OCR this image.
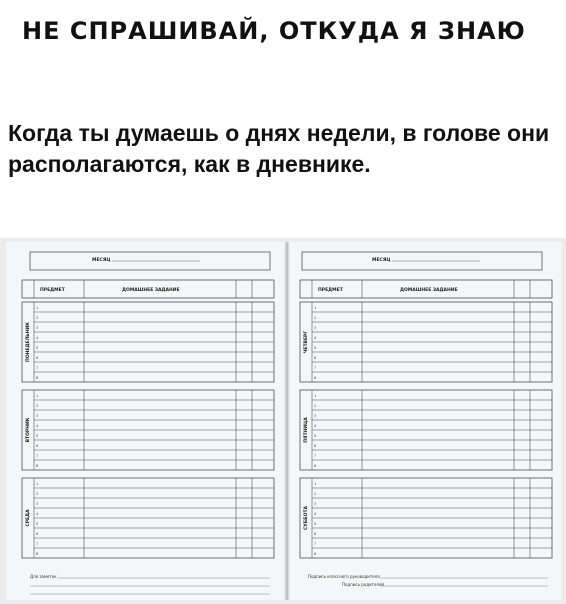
НЕ СПРАШИВАЙ, ОТКУДА Я ЗНАЮ
Когда ты думаешь о днях недели, в голове они располагаются, как в дневнике.
МЕСЯЦ	МЕСЯЦ
ПРЕДМЕТ	ДОМАШНЕЕ ЗАДАНИЕ	ПРЕДМЕТ	ДОМАШНЕЕ ЗАДАНИЕ
1
2
3
4
5
6
7
8
ПОНЕДЕЛЬНИК
1
2
3
4
5
6
7
8
ВТОРНИК
1
2
3
4
5
6
7
8
СРЕДА
1
2
3
4
5
6
7
8
ЧЕТВЕРГ
1
2
3
4
5
6
7
8
ПЯТНИЦА
1
2
3
4
5
6
7
8
СУББОТА
Для заметок	Подпись классного руководителя
Подпись родителей
